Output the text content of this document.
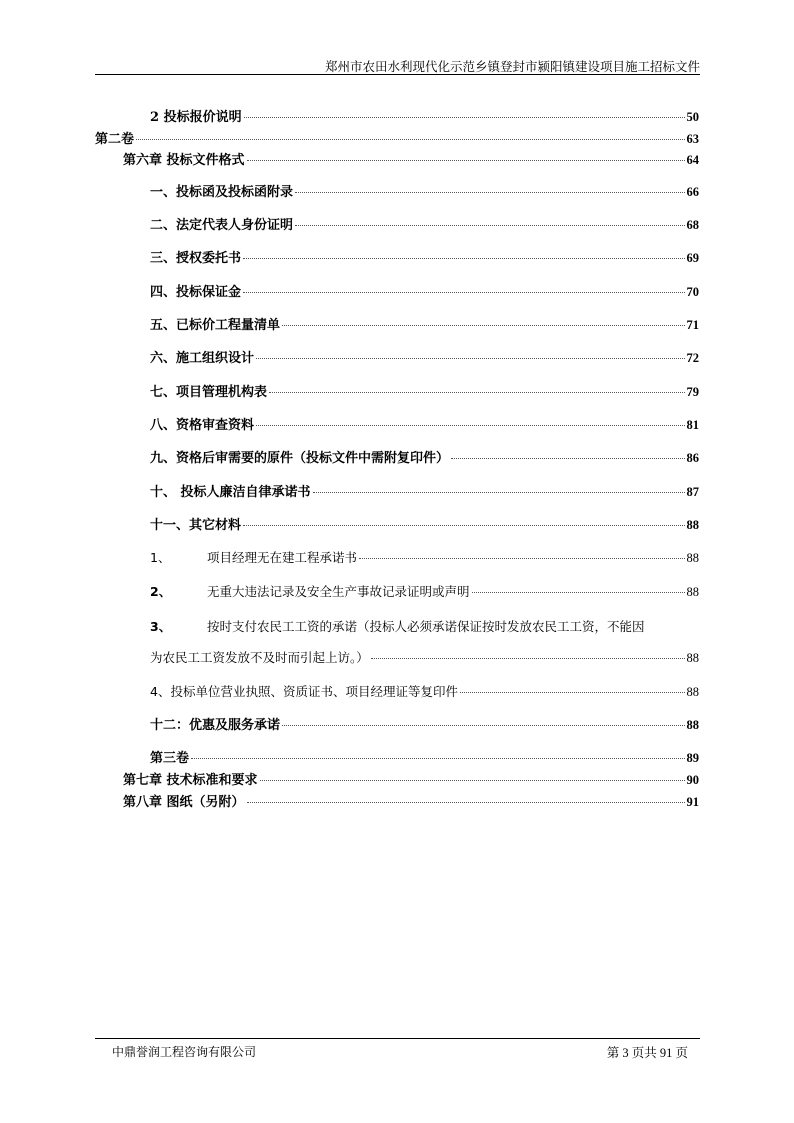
郑州市农田水利现代化示范乡镇登封市颍阳镇建设项目施工招标文件
2 投标报价说明	50
第二卷	63
第六章 投标文件格式	64
一、投标函及投标函附录	66
二、法定代表人身份证明	68
三、授权委托书	69
四、投标保证金	70
五、已标价工程量清单	71
六、施工组织设计	72
七、项目管理机构表	79
八、资格审查资料	81
九、资格后审需要的原件（投标文件中需附复印件）	86
十、 投标人廉洁自律承诺书	87
十一、其它材料	88
1、	项目经理无在建工程承诺书	88
2、	无重大违法记录及安全生产事故记录证明或声明	88
3、	按时支付农民工工资的承诺（投标人必须承诺保证按时发放农民工工资，不能因
为农民工工资发放不及时而引起上访。）	88
4、投标单位营业执照、资质证书、项目经理证等复印件	88
十二：优惠及服务承诺	88
第三卷	89
第七章 技术标准和要求	90
第八章 图纸（另附）	91
中鼎誉润工程咨询有限公司	第 3 页共 91 页
